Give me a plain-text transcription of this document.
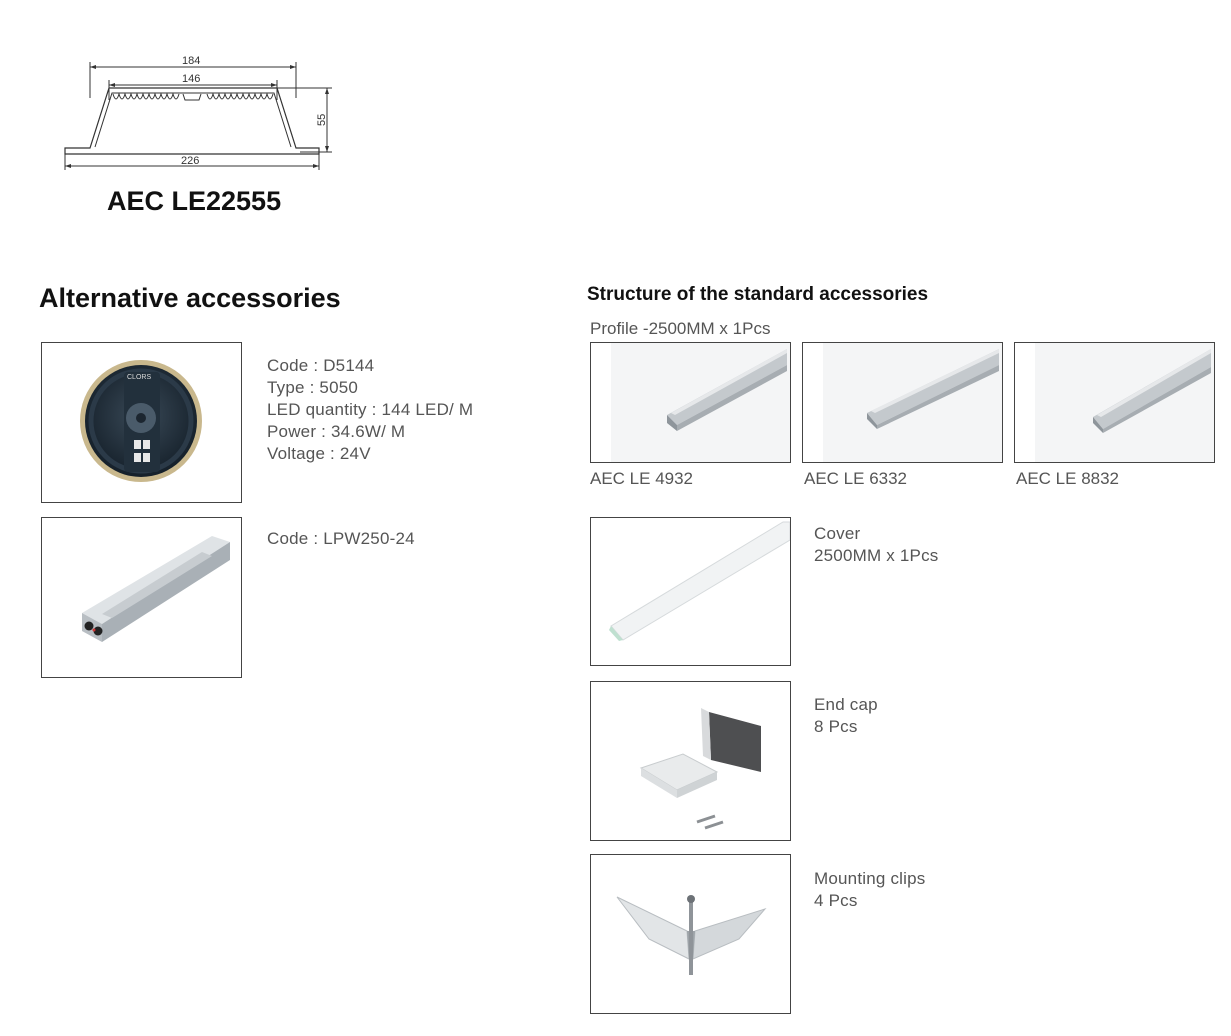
184
146
55
226
AEC LE22555
Alternative accessories
CLORS
Code : D5144
Type : 5050
LED quantity : 144 LED/ M
Power : 34.6W/ M
Voltage : 24V
Code : LPW250-24
Structure of the standard accessories
Profile -2500MM x 1Pcs
AEC LE 4932	AEC LE 6332	AEC LE 8832
Cover
2500MM x 1Pcs
End cap
8 Pcs
Mounting clips
4 Pcs
